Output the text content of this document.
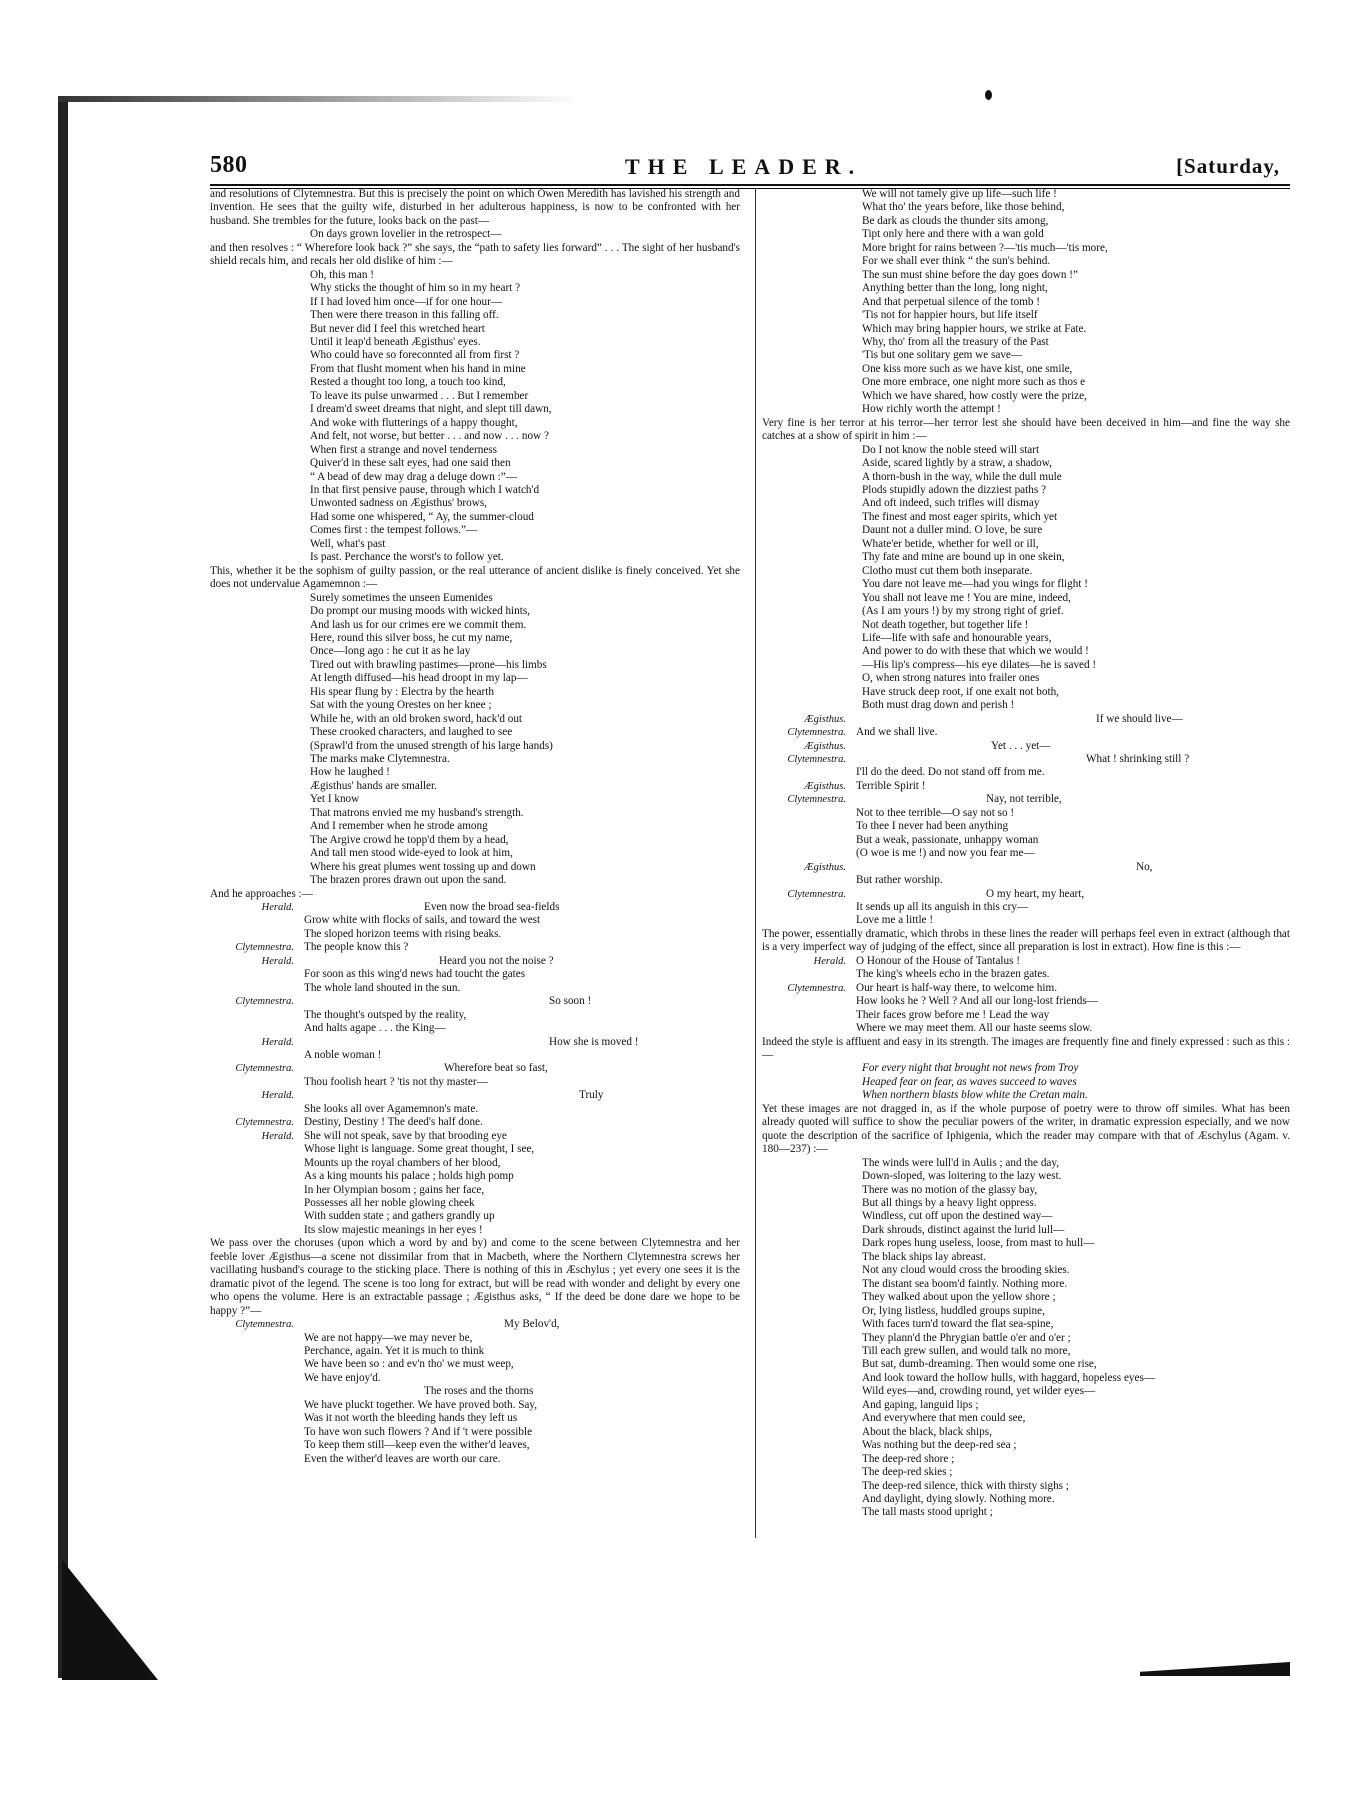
580	THE LEADER.	[Saturday,

and resolutions of Clytemnestra. But this is precisely the point on which Owen Meredith has lavished his strength and invention. He sees that the guilty wife, disturbed in her adulterous happiness, is now to be confronted with her husband. She trembles for the future, looks back on the past—

On days grown lovelier in the retrospect—

and then resolves : “ Wherefore look back ?” she says, the “path to safety lies forward” . . . The sight of her husband's shield recals him, and recals her old dislike of him :—

Oh, this man !
Why sticks the thought of him so in my heart ?
If I had loved him once—if for one hour—
Then were there treason in this falling off.
But never did I feel this wretched heart
Until it leap'd beneath Ægisthus' eyes.
Who could have so foreconnted all from first ?
From that flusht moment when his hand in mine
Rested a thought too long, a touch too kind,
To leave its pulse unwarmed . . . But I remember
I dream'd sweet dreams that night, and slept till dawn,
And woke with flutterings of a happy thought,
And felt, not worse, but better . . . and now . . . now ?
When first a strange and novel tenderness
Quiver'd in these salt eyes, had one said then
“ A bead of dew may drag a deluge down :”—
In that first pensive pause, through which I watch'd
Unwonted sadness on Ægisthus' brows,
Had some one whispered, “ Ay, the summer-cloud
Comes first : the tempest follows.”—
Well, what's past
Is past. Perchance the worst's to follow yet.

This, whether it be the sophism of guilty passion, or the real utterance of ancient dislike is finely conceived. Yet she does not undervalue Agamemnon :—

Surely sometimes the unseen Eumenides
Do prompt our musing moods with wicked hints,
And lash us for our crimes ere we commit them.
Here, round this silver boss, he cut my name,
Once—long ago : he cut it as he lay
Tired out with brawling pastimes—prone—his limbs
At length diffused—his head droopt in my lap—
His spear flung by : Electra by the hearth
Sat with the young Orestes on her knee ;
While he, with an old broken sword, hack'd out
These crooked characters, and laughed to see
(Sprawl'd from the unused strength of his large hands)
The marks make Clytemnestra.
How he laughed !
Ægisthus' hands are smaller.
Yet I know
That matrons envied me my husband's strength.
And I remember when he strode among
The Argive crowd he topp'd them by a head,
And tall men stood wide-eyed to look at him,
Where his great plumes went tossing up and down
The brazen prores drawn out upon the sand.

And he approaches :—

Herald.	Even now the broad sea-fields
Grow white with flocks of sails, and toward the west
The sloped horizon teems with rising beaks.
Clytemnestra. The people know this ?
Herald.	Heard you not the noise ?
For soon as this wing'd news had toucht the gates
The whole land shouted in the sun.
Clytemnestra.	So soon !
The thought's outsped by the reality,
And halts agape . . . the King—
Herald.	How she is moved !
A noble woman !
Clytemnestra.	Wherefore beat so fast,
Thou foolish heart ? 'tis not thy master—
Herald.	Truly
She looks all over Agamemnon's mate.
Clytemnestra. Destiny, Destiny ! The deed's half done.
Herald. She will not speak, save by that brooding eye
Whose light is language. Some great thought, I see,
Mounts up the royal chambers of her blood,
As a king mounts his palace ; holds high pomp
In her Olympian bosom ; gains her face,
Possesses all her noble glowing cheek
With sudden state ; and gathers grandly up
Its slow majestic meanings in her eyes !

We pass over the choruses (upon which a word by and by) and come to the scene between Clytemnestra and her feeble lover Ægisthus—a scene not dissimilar from that in Macbeth, where the Northern Clytemnestra screws her vacillating husband's courage to the sticking place. There is nothing of this in Æschylus ; yet every one sees it is the dramatic pivot of the legend. The scene is too long for extract, but will be read with wonder and delight by every one who opens the volume. Here is an extractable passage ; Ægisthus asks, “ If the deed be done dare we hope to be happy ?”—

Clytemnestra.	My Belov'd,
We are not happy—we may never be,
Perchance, again. Yet it is much to think
We have been so : and ev'n tho' we must weep,
We have enjoy'd.
The roses and the thorns
We have pluckt together. We have proved both. Say,
Was it not worth the bleeding hands they left us
To have won such flowers ? And if 't were possible
To keep them still—keep even the wither'd leaves,
Even the wither'd leaves are worth our care.
We will not tamely give up life—such life !
What tho' the years before, like those behind,
Be dark as clouds the thunder sits among,
Tipt only here and there with a wan gold
More bright for rains between ?—'tis much—'tis more,
For we shall ever think “ the sun's behind.
The sun must shine before the day goes down !”
Anything better than the long, long night,
And that perpetual silence of the tomb !
'Tis not for happier hours, but life itself
Which may bring happier hours, we strike at Fate.
Why, tho' from all the treasury of the Past
'Tis but one solitary gem we save—
One kiss more such as we have kist, one smile,
One more embrace, one night more such as thos e
Which we have shared, how costly were the prize,
How richly worth the attempt !

Very fine is her terror at his terror—her terror lest she should have been deceived in him—and fine the way she catches at a show of spirit in him :—

Do I not know the noble steed will start
Aside, scared lightly by a straw, a shadow,
A thorn-bush in the way, while the dull mule
Plods stupidly adown the dizziest paths ?
And oft indeed, such trifles will dismay
The finest and most eager spirits, which yet
Daunt not a duller mind. O love, be sure
Whate'er betide, whether for well or ill,
Thy fate and mine are bound up in one skein,
Clotho must cut them both inseparate.
You dare not leave me—had you wings for flight !
You shall not leave me ! You are mine, indeed,
(As I am yours !) by my strong right of grief.
Not death together, but together life !
Life—life with safe and honourable years,
And power to do with these that which we would !
—His lip's compress—his eye dilates—he is saved !
O, when strong natures into frailer ones
Have struck deep root, if one exalt not both,
Both must drag down and perish !
Ægisthus.	If we should live—
Clytemnestra. And we shall live.
Ægisthus.	Yet . . . yet—
Clytemnestra.	What ! shrinking still ?
I'll do the deed. Do not stand off from me.
Ægisthus. Terrible Spirit !
Clytemnestra.	Nay, not terrible,
Not to thee terrible—O say not so !
To thee I never had been anything
But a weak, passionate, unhappy woman
(O woe is me !) and now you fear me—
Ægisthus.	No,
But rather worship.
Clytemnestra.	O my heart, my heart,
It sends up all its anguish in this cry—
Love me a little !

The power, essentially dramatic, which throbs in these lines the reader will perhaps feel even in extract (although that is a very imperfect way of judging of the effect, since all preparation is lost in extract). How fine is this :—

Herald. O Honour of the House of Tantalus !
The king's wheels echo in the brazen gates.
Clytemnestra. Our heart is half-way there, to welcome him.
How looks he ? Well ? And all our long-lost friends—
Their faces grow before me ! Lead the way
Where we may meet them. All our haste seems slow.

Indeed the style is affluent and easy in its strength. The images are frequently fine and finely expressed : such as this :—

For every night that brought not news from Troy
Heaped fear on fear, as waves succeed to waves
When northern blasts blow white the Cretan main.

Yet these images are not dragged in, as if the whole purpose of poetry were to throw off similes. What has been already quoted will suffice to show the peculiar powers of the writer, in dramatic expression especially, and we now quote the description of the sacrifice of Iphigenia, which the reader may compare with that of Æschylus (Agam. v. 180—237) :—

The winds were lull'd in Aulis ; and the day,
Down-sloped, was loitering to the lazy west.
There was no motion of the glassy bay,
But all things by a heavy light oppress.
Windless, cut off upon the destined way—
Dark shrouds, distinct against the lurid lull—
Dark ropes hung useless, loose, from mast to hull—
The black ships lay abreast.
Not any cloud would cross the brooding skies.
The distant sea boom'd faintly. Nothing more.
They walked about upon the yellow shore ;
Or, lying listless, huddled groups supine,
With faces turn'd toward the flat sea-spine,
They plann'd the Phrygian battle o'er and o'er ;
Till each grew sullen, and would talk no more,
But sat, dumb-dreaming. Then would some one rise,
And look toward the hollow hulls, with haggard, hopeless eyes—
Wild eyes—and, crowding round, yet wilder eyes—
And gaping, languid lips ;
And everywhere that men could see,
About the black, black ships,
Was nothing but the deep-red sea ;
The deep-red shore ;
The deep-red skies ;
The deep-red silence, thick with thirsty sighs ;
And daylight, dying slowly. Nothing more.
The tall masts stood upright ;
